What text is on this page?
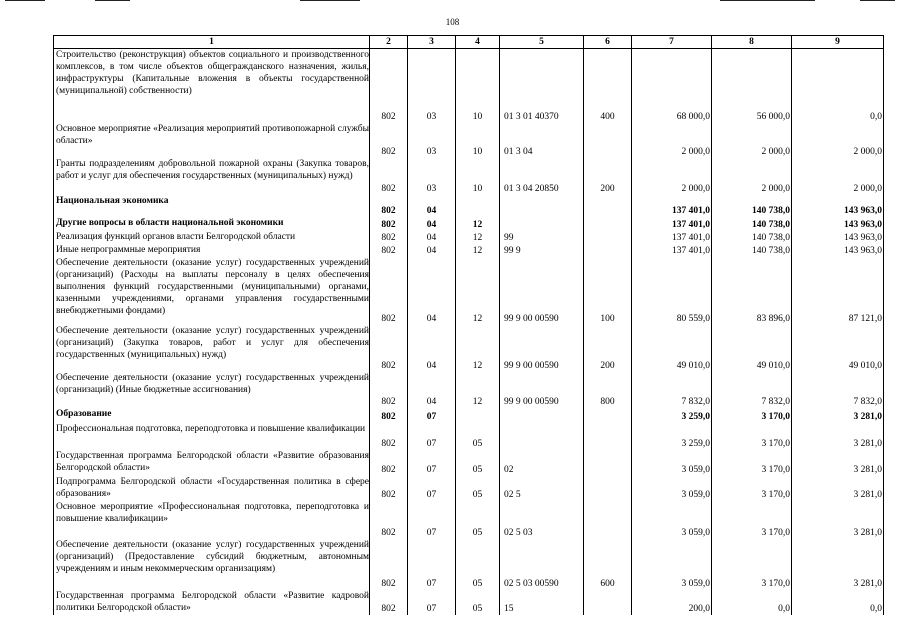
108
1	2	3	4	5	6	7	8	9
Строительство (реконструкция) объектов социального и производственного комплексов, в том числе объектов общегражданского назначения, жилья, инфраструктуры (Капитальные вложения в объекты государственной (муниципальной) собственности)	802	03	10	01 3 01 40370	400	68 000,0	56 000,0	0,0
Основное мероприятие «Реализация мероприятий противопожарной службы области»	802	03	10	01 3 04		2 000,0	2 000,0	2 000,0
Гранты подразделениям добровольной пожарной охраны (Закупка товаров, работ и услуг для обеспечения государственных (муниципальных) нужд)	802	03	10	01 3 04 20850	200	2 000,0	2 000,0	2 000,0
Национальная экономика	802	04				137 401,0	140 738,0	143 963,0
Другие вопросы в области национальной экономики	802	04	12			137 401,0	140 738,0	143 963,0
Реализация функций органов власти Белгородской области	802	04	12	99		137 401,0	140 738,0	143 963,0
Иные непрограммные мероприятия	802	04	12	99 9		137 401,0	140 738,0	143 963,0
Обеспечение деятельности (оказание услуг) государственных учреждений (организаций) (Расходы на выплаты персоналу в целях обеспечения выполнения функций государственными (муниципальными) органами, казенными учреждениями, органами управления государственными внебюджетными фондами)	802	04	12	99 9 00 00590	100	80 559,0	83 896,0	87 121,0
Обеспечение деятельности (оказание услуг) государственных учреждений (организаций) (Закупка товаров, работ и услуг для обеспечения государственных (муниципальных) нужд)	802	04	12	99 9 00 00590	200	49 010,0	49 010,0	49 010,0
Обеспечение деятельности (оказание услуг) государственных учреждений (организаций) (Иные бюджетные ассигнования)	802	04	12	99 9 00 00590	800	7 832,0	7 832,0	7 832,0
Образование	802	07				3 259,0	3 170,0	3 281,0
Профессиональная подготовка, переподготовка и повышение квалификации	802	07	05			3 259,0	3 170,0	3 281,0
Государственная программа Белгородской области «Развитие образования Белгородской области»	802	07	05	02		3 059,0	3 170,0	3 281,0
Подпрограмма Белгородской области «Государственная политика в сфере образования»	802	07	05	02 5		3 059,0	3 170,0	3 281,0
Основное мероприятие «Профессиональная подготовка, переподготовка и повышение квалификации»	802	07	05	02 5 03		3 059,0	3 170,0	3 281,0
Обеспечение деятельности (оказание услуг) государственных учреждений (организаций) (Предоставление субсидий бюджетным, автономным учреждениям и иным некоммерческим организациям)	802	07	05	02 5 03 00590	600	3 059,0	3 170,0	3 281,0
Государственная программа Белгородской области «Развитие кадровой политики Белгородской области»	802	07	05	15		200,0	0,0	0,0
